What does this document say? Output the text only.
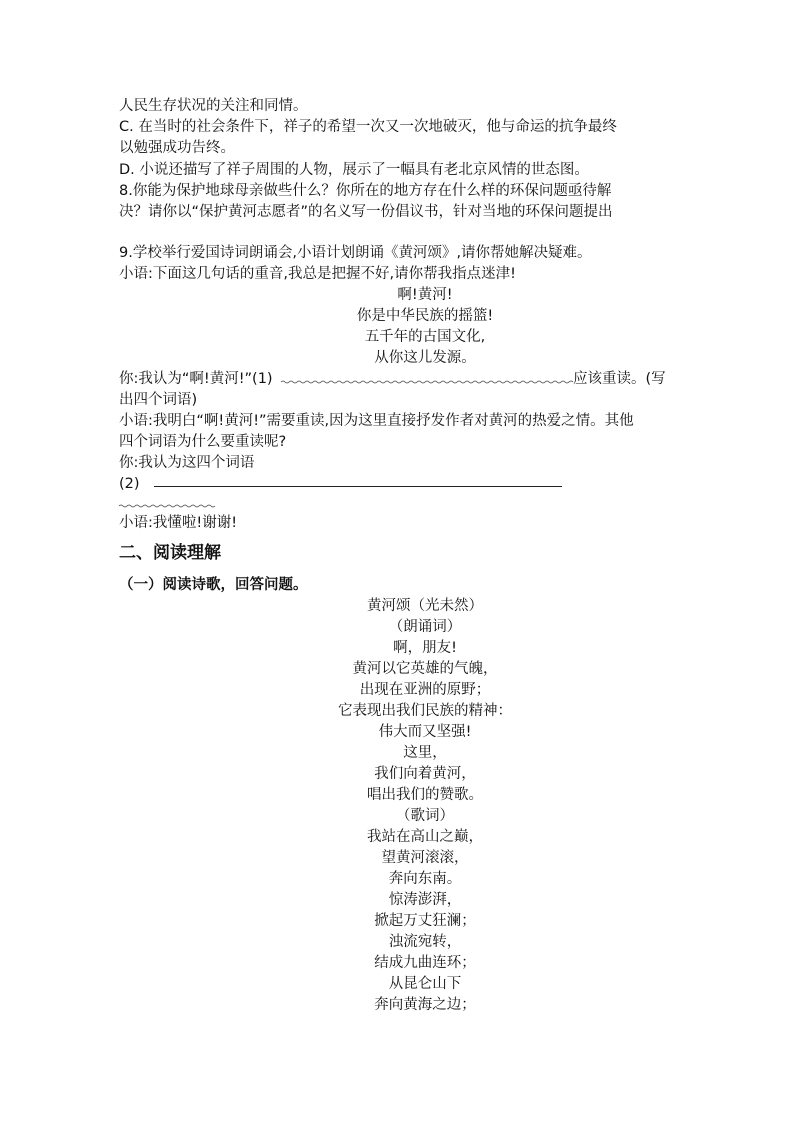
人民生存状况的关注和同情。
C. 在当时的社会条件下，祥子的希望一次又一次地破灭，他与命运的抗争最终
以勉强成功告终。
D. 小说还描写了祥子周围的人物，展示了一幅具有老北京风情的世态图。
8.你能为保护地球母亲做些什么？你所在的地方存在什么样的环保问题亟待解
决？请你以“保护黄河志愿者”的名义写一份倡议书，针对当地的环保问题提出
9.学校举行爱国诗词朗诵会,小语计划朗诵《黄河颂》,请你帮她解决疑难。
小语:下面这几句话的重音,我总是把握不好,请你帮我指点迷津!
啊!黄河!
你是中华民族的摇篮!
五千年的古国文化,
从你这儿发源。
你:我认为“啊!黄河!”(1)	应该重读。(写
出四个词语)
小语:我明白“啊!黄河!”需要重读,因为这里直接抒发作者对黄河的热爱之情。其他
四个词语为什么要重读呢?
你:我认为这四个词语
(2)
小语:我懂啦!谢谢!
二、阅读理解
（一）阅读诗歌，回答问题。
黄河颂（光未然）
（朗诵词）
啊，朋友!
黄河以它英雄的气魄，
出现在亚洲的原野；
它表现出我们民族的精神：
伟大而又坚强!
这里，
我们向着黄河，
唱出我们的赞歌。
（歌词）
我站在高山之巅，
望黄河滚滚，
奔向东南。
惊涛澎湃，
掀起万丈狂澜；
浊流宛转，
结成九曲连环；
从昆仑山下
奔向黄海之边；
